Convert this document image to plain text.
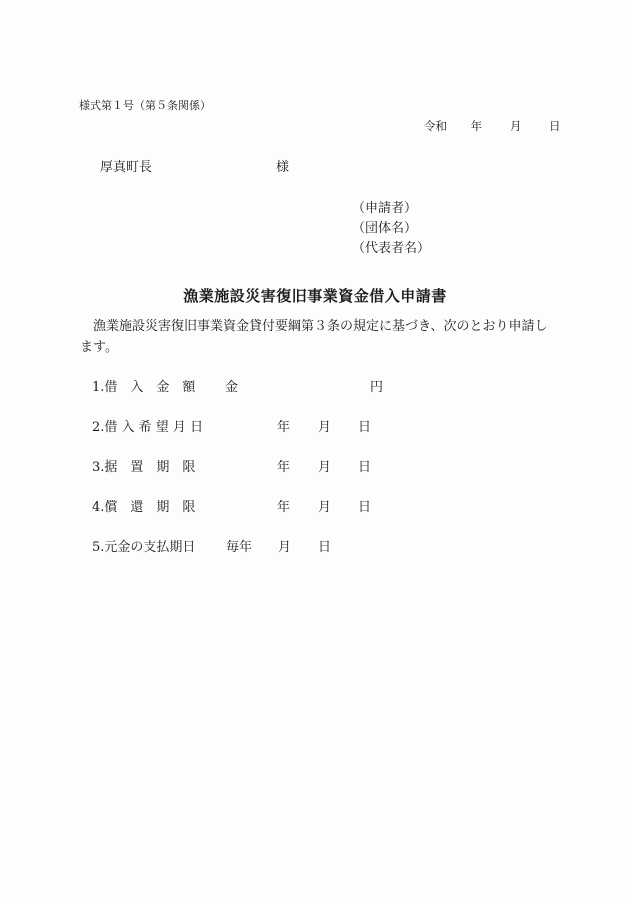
様式第１号（第５条関係）
令和 年 月 日
厚真町長	様
（申請者）
（団体名）
（代表者名）
漁業施設災害復旧事業資金借入申請書
漁業施設災害復旧事業資金貸付要綱第３条の規定に基づき、次のとおり申請します。
1.借　入　金　額 金	円
2.借 入 希 望 月 日	年 月 日
3.据　置　期　限	年 月 日
4.償　還　期　限	年 月 日
5.元金の支払期日 毎年 月 日
